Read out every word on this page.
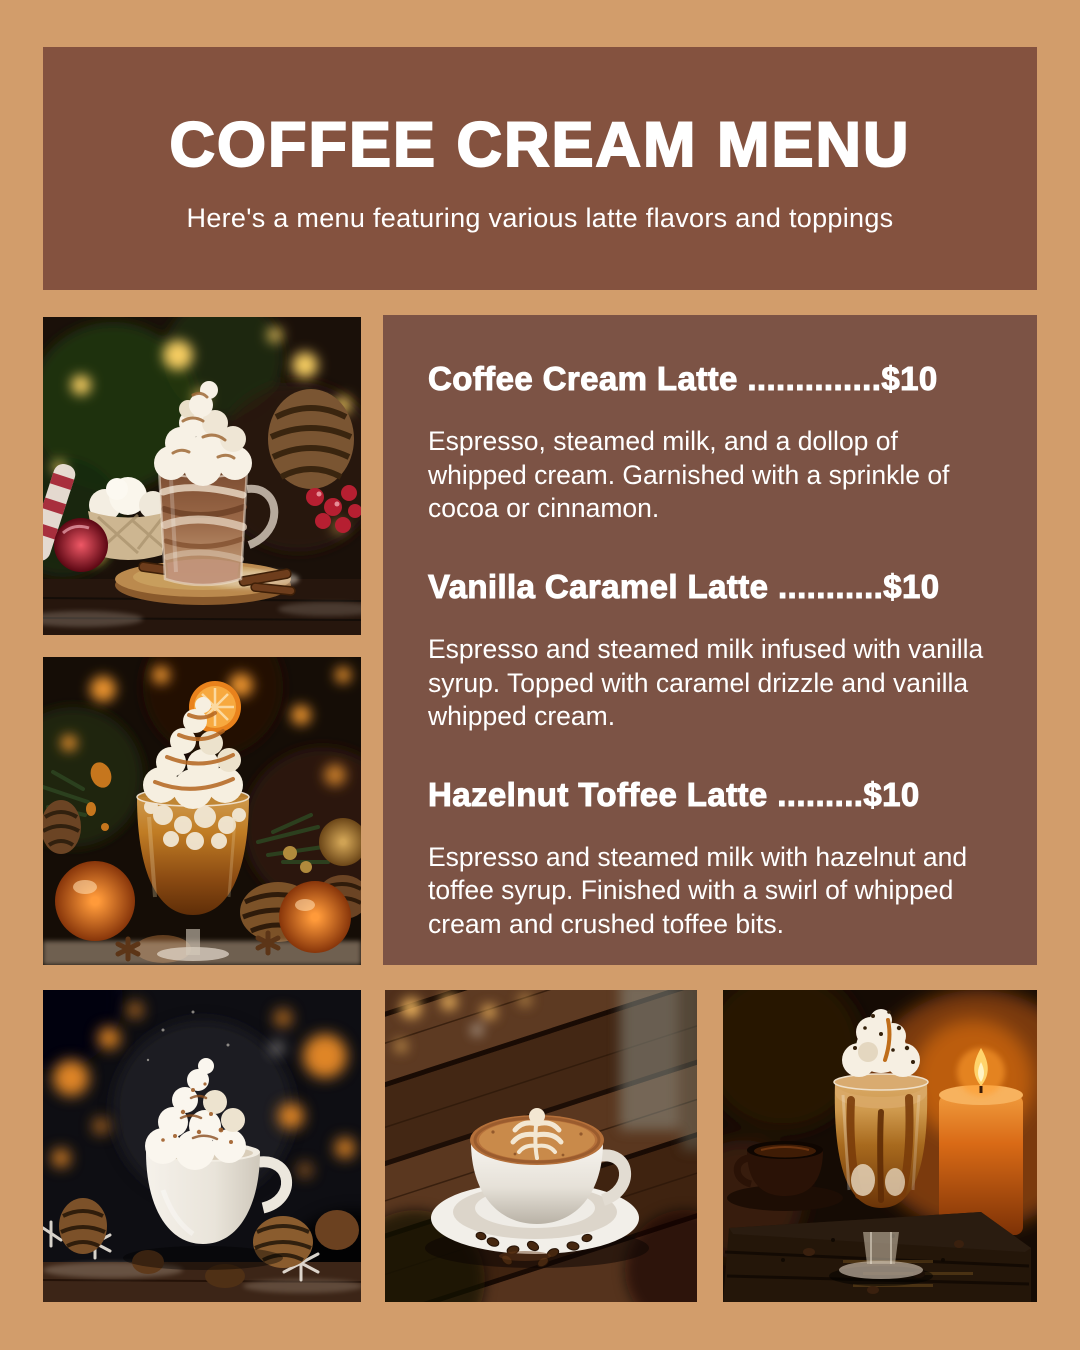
COFFEE CREAM MENU

Here's a menu featuring various latte flavors and toppings

Coffee Cream Latte ..............$10

Espresso, steamed milk, and a dollop of whipped cream. Garnished with a sprinkle of cocoa or cinnamon.

Vanilla Caramel Latte ...........$10

Espresso and steamed milk infused with vanilla syrup. Topped with caramel drizzle and vanilla whipped cream.

Hazelnut Toffee Latte .........$10

Espresso and steamed milk with hazelnut and toffee syrup. Finished with a swirl of whipped cream and crushed toffee bits.
